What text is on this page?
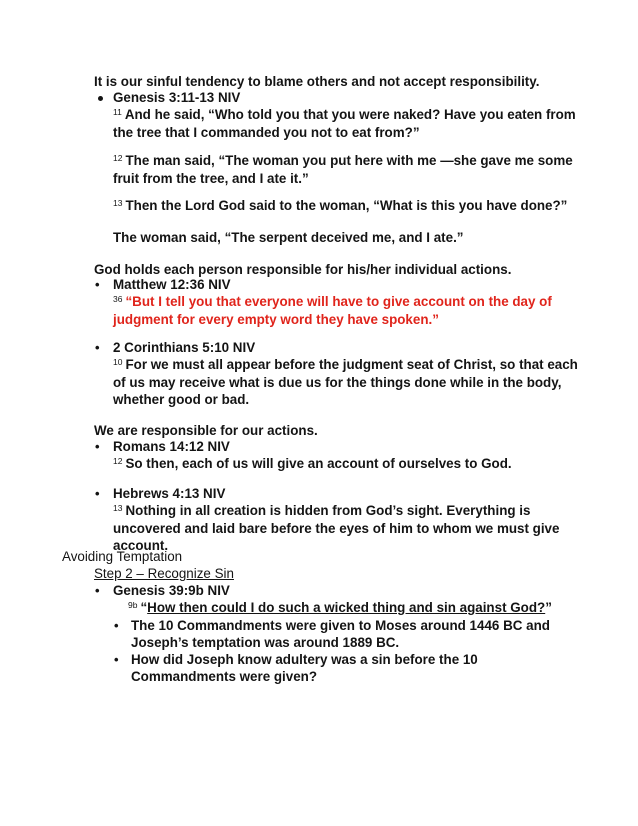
It is our sinful tendency to blame others and not accept responsibility.
Genesis 3:11-13 NIV
$^{11}$ And he said, “Who told you that you were naked? Have you eaten from
the tree that I commanded you not to eat from?”
$^{12}$ The man said, “The woman you put here with me —she gave me some
fruit from the tree, and I ate it.”
$^{13}$ Then the Lord God said to the woman, “What is this you have done?”
The woman said, “The serpent deceived me, and I ate.”
God holds each person responsible for his/her individual actions.
• Matthew 12:36 NIV
$^{36}$ “But I tell you that everyone will have to give account on the day of
judgment for every empty word they have spoken.”
• 2 Corinthians 5:10 NIV
$^{10}$ For we must all appear before the judgment seat of Christ, so that each
of us may receive what is due us for the things done while in the body,
whether good or bad.
We are responsible for our actions.
• Romans 14:12 NIV
$^{12}$ So then, each of us will give an account of ourselves to God.
• Hebrews 4:13 NIV
$^{13}$ Nothing in all creation is hidden from God’s sight. Everything is
uncovered and laid bare before the eyes of him to whom we must give
account.
Avoiding Temptation
Step 2 – Recognize Sin
• Genesis 39:9b NIV
$^{9b}$ “How then could I do such a wicked thing and sin against God?”
• The 10 Commandments were given to Moses around 1446 BC and
Joseph’s temptation was around 1889 BC.
• How did Joseph know adultery was a sin before the 10
Commandments were given?
